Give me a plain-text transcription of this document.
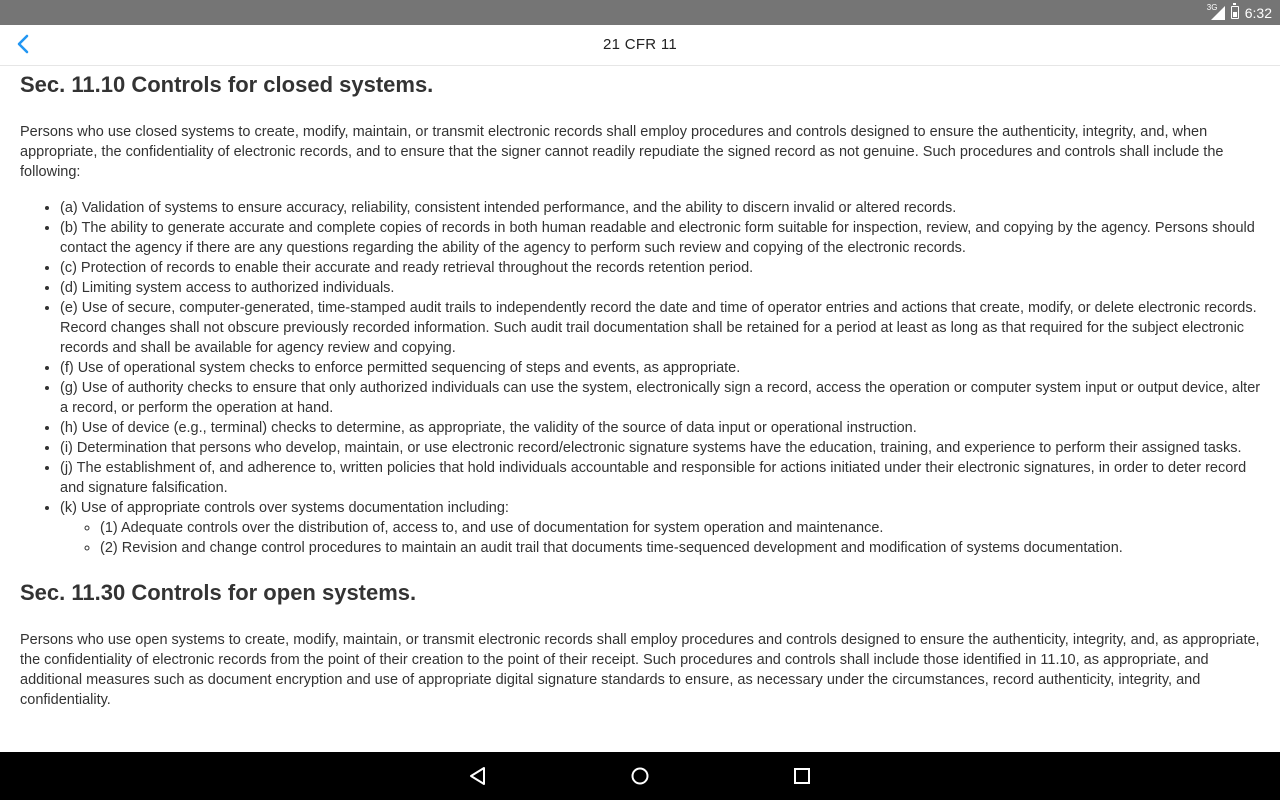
3G 6:32
21 CFR 11
Sec. 11.10 Controls for closed systems.

Persons who use closed systems to create, modify, maintain, or transmit electronic records shall employ procedures and controls designed to ensure the authenticity, integrity, and, when appropriate, the confidentiality of electronic records, and to ensure that the signer cannot readily repudiate the signed record as not genuine. Such procedures and controls shall include the following:

• (a) Validation of systems to ensure accuracy, reliability, consistent intended performance, and the ability to discern invalid or altered records.
• (b) The ability to generate accurate and complete copies of records in both human readable and electronic form suitable for inspection, review, and copying by the agency. Persons should contact the agency if there are any questions regarding the ability of the agency to perform such review and copying of the electronic records.
• (c) Protection of records to enable their accurate and ready retrieval throughout the records retention period.
• (d) Limiting system access to authorized individuals.
• (e) Use of secure, computer-generated, time-stamped audit trails to independently record the date and time of operator entries and actions that create, modify, or delete electronic records. Record changes shall not obscure previously recorded information. Such audit trail documentation shall be retained for a period at least as long as that required for the subject electronic records and shall be available for agency review and copying.
• (f) Use of operational system checks to enforce permitted sequencing of steps and events, as appropriate.
• (g) Use of authority checks to ensure that only authorized individuals can use the system, electronically sign a record, access the operation or computer system input or output device, alter a record, or perform the operation at hand.
• (h) Use of device (e.g., terminal) checks to determine, as appropriate, the validity of the source of data input or operational instruction.
• (i) Determination that persons who develop, maintain, or use electronic record/electronic signature systems have the education, training, and experience to perform their assigned tasks.
• (j) The establishment of, and adherence to, written policies that hold individuals accountable and responsible for actions initiated under their electronic signatures, in order to deter record and signature falsification.
• (k) Use of appropriate controls over systems documentation including:
◦ (1) Adequate controls over the distribution of, access to, and use of documentation for system operation and maintenance.
◦ (2) Revision and change control procedures to maintain an audit trail that documents time-sequenced development and modification of systems documentation.
Sec. 11.30 Controls for open systems.

Persons who use open systems to create, modify, maintain, or transmit electronic records shall employ procedures and controls designed to ensure the authenticity, integrity, and, as appropriate, the confidentiality of electronic records from the point of their creation to the point of their receipt. Such procedures and controls shall include those identified in 11.10, as appropriate, and additional measures such as document encryption and use of appropriate digital signature standards to ensure, as necessary under the circumstances, record authenticity, integrity, and confidentiality.
